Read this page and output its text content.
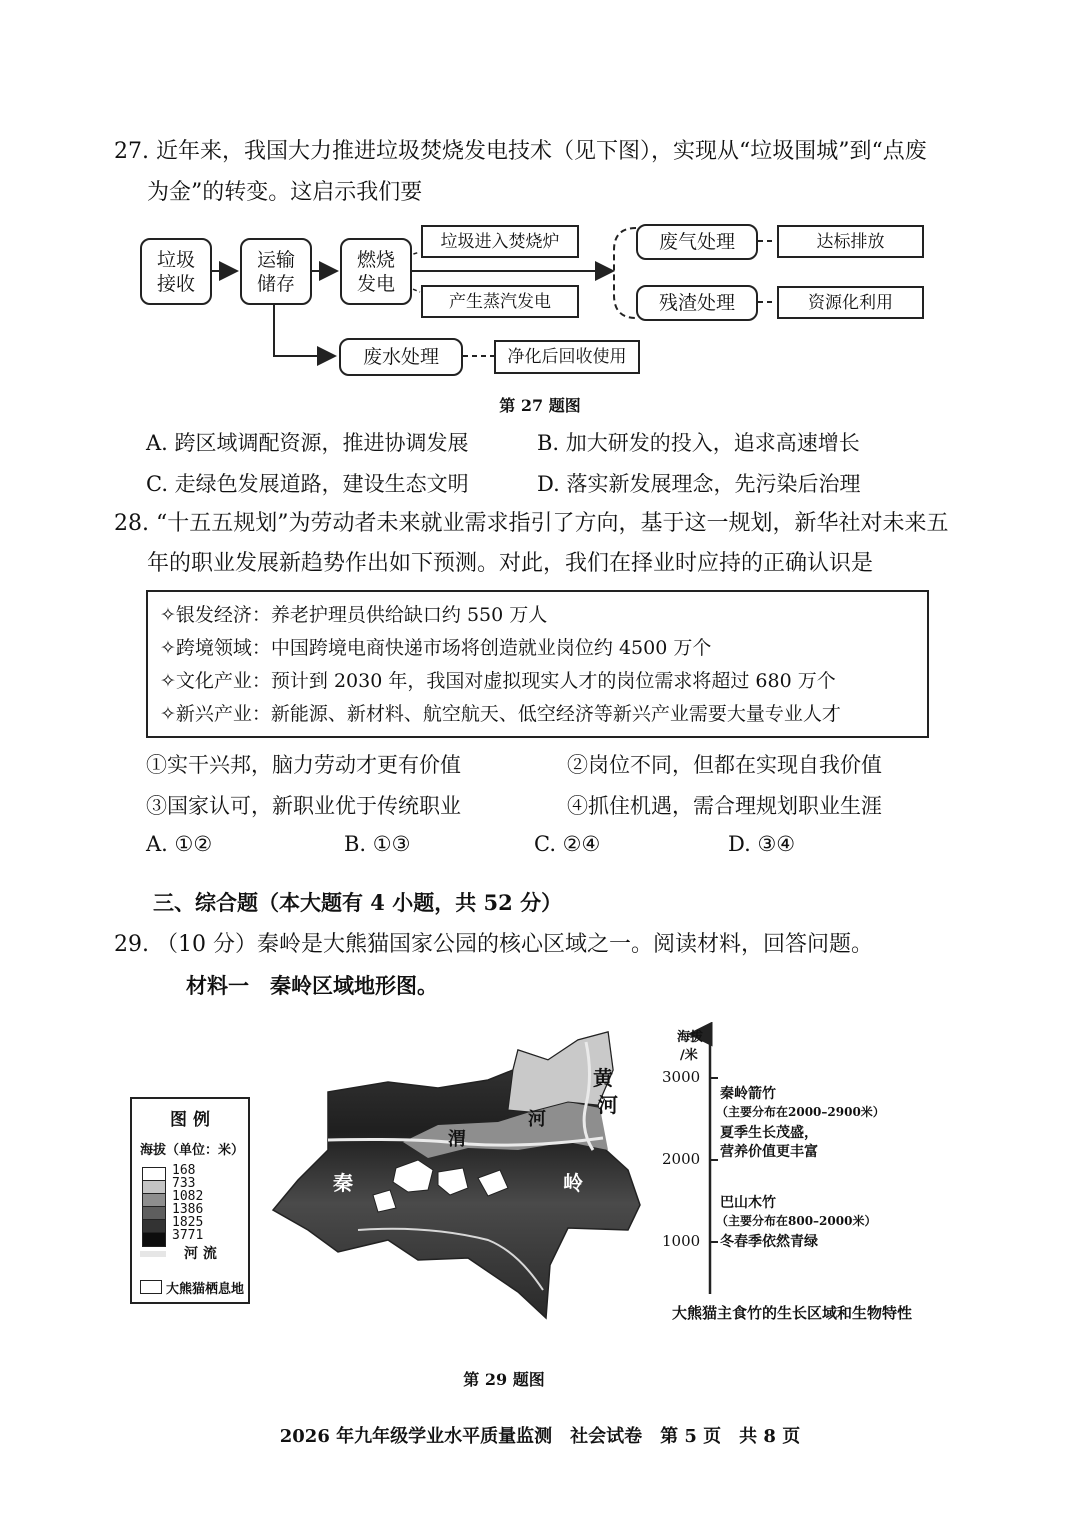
27. 近年来，我国大力推进垃圾焚烧发电技术（见下图），实现从“垃圾围城”到“点废
为金”的转变。这启示我们要
垃圾
接收
运输
储存
燃烧
发电
垃圾进入焚烧炉
产生蒸汽发电
废气处理
残渣处理
达标排放
资源化利用
废水处理	净化后回收使用
第 27 题图
A. 跨区域调配资源，推进协调发展	B. 加大研发的投入，追求高速增长
C. 走绿色发展道路，建设生态文明	D. 落实新发展理念，先污染后治理
28. “十五五规划”为劳动者未来就业需求指引了方向，基于这一规划，新华社对未来五
年的职业发展新趋势作出如下预测。对此，我们在择业时应持的正确认识是
✧银发经济：养老护理员供给缺口约 550 万人
✧跨境领域：中国跨境电商快递市场将创造就业岗位约 4500 万个
✧文化产业：预计到 2030 年，我国对虚拟现实人才的岗位需求将超过 680 万个
✧新兴产业：新能源、新材料、航空航天、低空经济等新兴产业需要大量专业人才
①实干兴邦，脑力劳动才更有价值	②岗位不同，但都在实现自我价值
③国家认可，新职业优于传统职业	④抓住机遇，需合理规划职业生涯
A. ①②	B. ①③	C. ②④	D. ③④
三、综合题（本大题有 4 小题，共 52 分）
29. （10 分）秦岭是大熊猫国家公园的核心区域之一。阅读材料，回答问题。
材料一　秦岭区域地形图。
图 例
海拔（单位：米）
168
733
1082
1386
1825
3771
河 流
大熊猫栖息地
黄
河
河
渭
秦	岭
海拔
/米
3000
2000
1000
秦岭箭竹
（主要分布在2000–2900米）
夏季生长茂盛，
营养价值更丰富
巴山木竹
（主要分布在800–2000米）
冬春季依然青绿
大熊猫主食竹的生长区域和生物特性
第 29 题图
2026 年九年级学业水平质量监测　社会试卷　第 5 页　共 8 页
